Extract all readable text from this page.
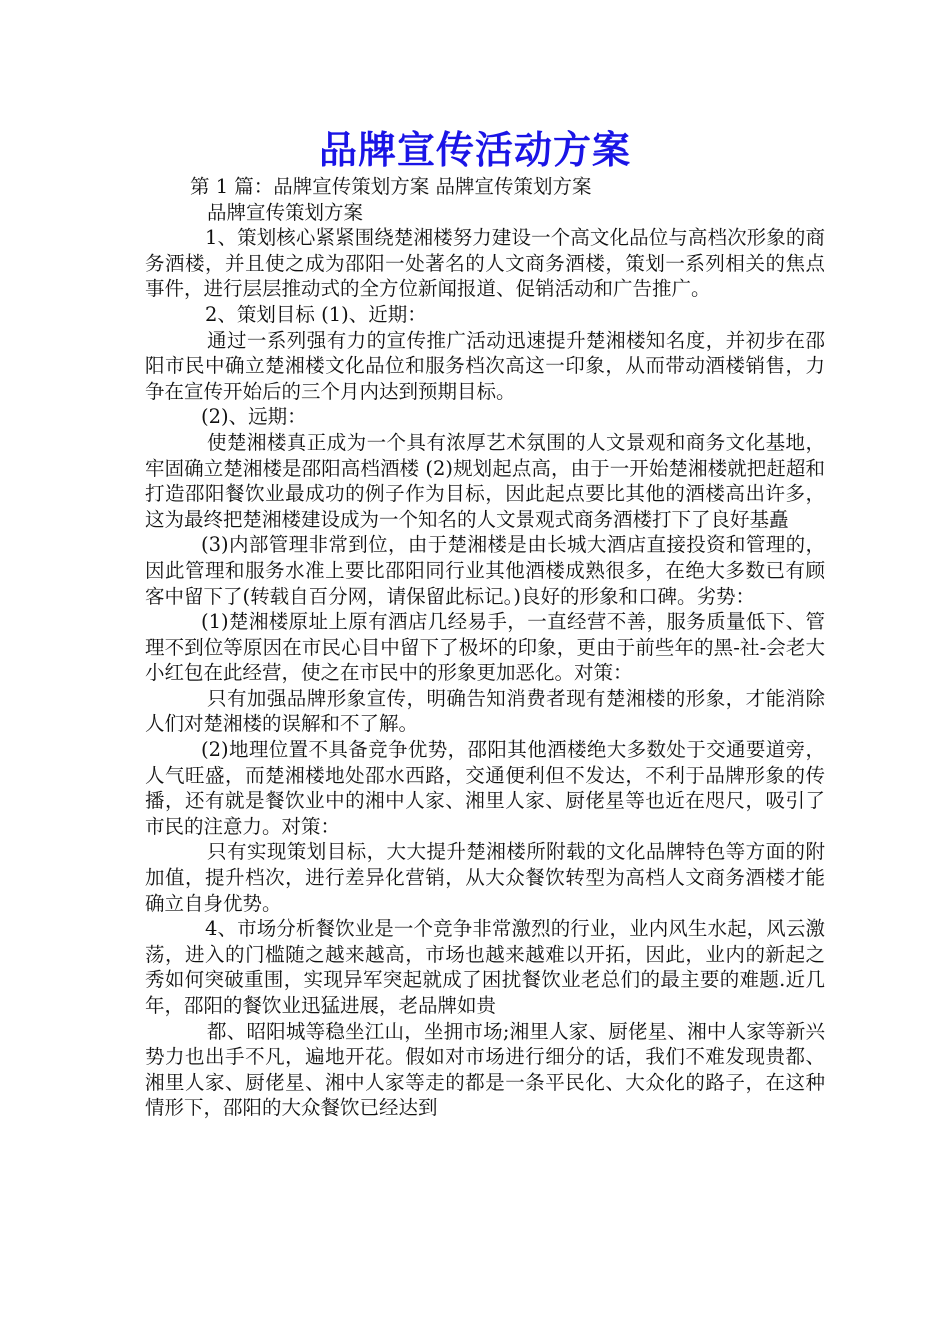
品牌宣传活动方案

第 1 篇：品牌宣传策划方案 品牌宣传策划方案

品牌宣传策划方案

1、策划核心紧紧围绕楚湘楼努力建设一个高文化品位与高档次形象的商务酒楼，并且使之成为邵阳一处著名的人文商务酒楼，策划一系列相关的焦点事件，进行层层推动式的全方位新闻报道、促销活动和广告推广。

2、策划目标 (1)、近期：

通过一系列强有力的宣传推广活动迅速提升楚湘楼知名度，并初步在邵阳市民中确立楚湘楼文化品位和服务档次高这一印象，从而带动酒楼销售，力争在宣传开始后的三个月内达到预期目标。

(2)、远期：

使楚湘楼真正成为一个具有浓厚艺术氛围的人文景观和商务文化基地，牢固确立楚湘楼是邵阳高档酒楼 (2)规划起点高，由于一开始楚湘楼就把赶超和打造邵阳餐饮业最成功的例子作为目标，因此起点要比其他的酒楼高出许多，这为最终把楚湘楼建设成为一个知名的人文景观式商务酒楼打下了良好基矗

(3)内部管理非常到位，由于楚湘楼是由长城大酒店直接投资和管理的，因此管理和服务水准上要比邵阳同行业其他酒楼成熟很多，在绝大多数已有顾客中留下了(转载自百分网，请保留此标记。)良好的形象和口碑。劣势：

(1)楚湘楼原址上原有酒店几经易手，一直经营不善，服务质量低下、管理不到位等原因在市民心目中留下了极坏的印象，更由于前些年的黑-社-会老大小红包在此经营，使之在市民中的形象更加恶化。对策：

只有加强品牌形象宣传，明确告知消费者现有楚湘楼的形象，才能消除人们对楚湘楼的误解和不了解。

(2)地理位置不具备竞争优势，邵阳其他酒楼绝大多数处于交通要道旁，人气旺盛，而楚湘楼地处邵水西路，交通便利但不发达，不利于品牌形象的传播，还有就是餐饮业中的湘中人家、湘里人家、厨佬星等也近在咫尺，吸引了市民的注意力。对策：

只有实现策划目标，大大提升楚湘楼所附载的文化品牌特色等方面的附加值，提升档次，进行差异化营销，从大众餐饮转型为高档人文商务酒楼才能确立自身优势。

4、市场分析餐饮业是一个竞争非常激烈的行业，业内风生水起，风云激荡，进入的门槛随之越来越高，市场也越来越难以开拓，因此，业内的新起之秀如何突破重围，实现异军突起就成了困扰餐饮业老总们的最主要的难题.近几年，邵阳的餐饮业迅猛进展，老品牌如贵

都、昭阳城等稳坐江山，坐拥市场;湘里人家、厨佬星、湘中人家等新兴势力也出手不凡，遍地开花。假如对市场进行细分的话，我们不难发现贵都、湘里人家、厨佬星、湘中人家等走的都是一条平民化、大众化的路子，在这种情形下，邵阳的大众餐饮已经达到
